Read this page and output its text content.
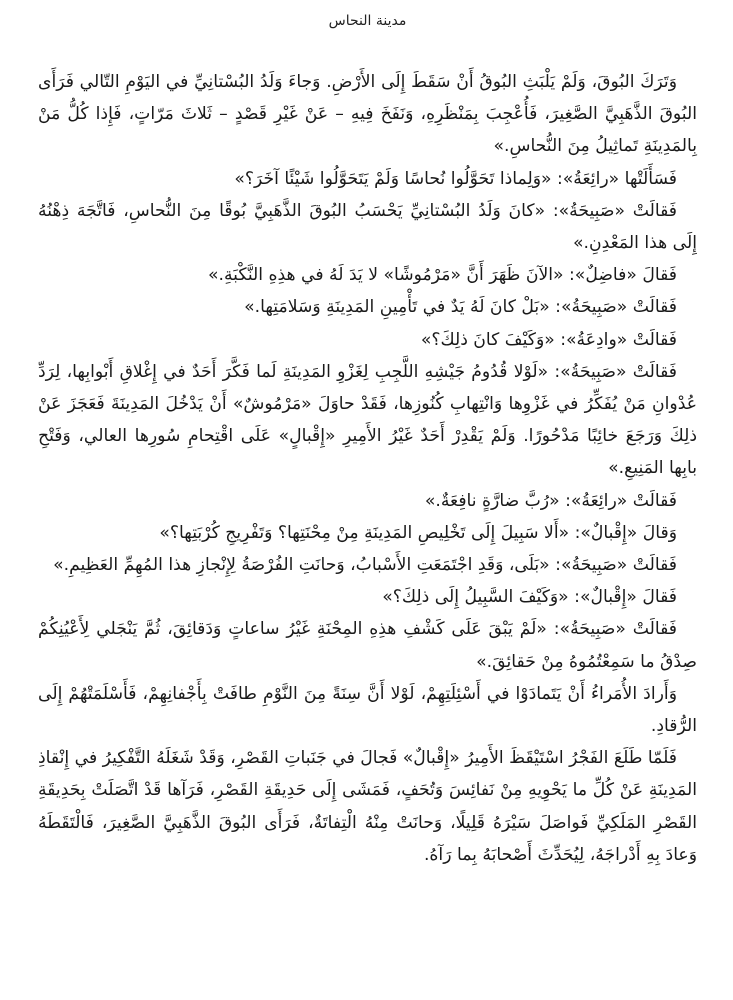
مدينة النحاس

وَتَرَكَ البُوقَ، وَلَمْ يَلْبَثِ البُوقُ أَنْ سَقَطَ إِلَى الأَرْضِ. وَجاءَ وَلَدُ البُسْتانِيِّ في اليَوْمِ التّالي فَرَأَى البُوقَ الذَّهَبِيَّ الصَّغِيرَ، فَأُعْجِبَ بِمَنْظَرِهِ، وَنَفَخَ فِيهِ – عَنْ غَيْرِ قَصْدٍ – ثَلاثَ مَرّاتٍ، فَإِذا كُلُّ مَنْ بِالمَدِينَةِ تَماثِيلُ مِنَ النُّحاسِ.»

فَسَأَلَتْها «رائِعَةُ»: «وَلِماذا تَحَوَّلُوا نُحاسًا وَلَمْ يَتَحَوَّلُوا شَيْئًا آخَرَ؟»

فَقالَتْ «صَبِيحَةُ»: «كانَ وَلَدُ البُسْتانِيِّ يَحْسَبُ البُوقَ الذَّهَبِيَّ بُوقًا مِنَ النُّحاسِ، فَاتَّجَهَ ذِهْنُهُ إِلَى هذا المَعْدِنِ.»

فَقالَ «فاضِلٌ»: «الآنَ ظَهَرَ أَنَّ «مَرْمُوشًا» لا يَدَ لَهُ في هذِهِ النَّكْبَةِ.»

فَقالَتْ «صَبِيحَةُ»: «بَلْ كانَ لَهُ يَدٌ في تَأْمِينِ المَدِينَةِ وَسَلامَتِها.»

فَقالَتْ «وادِعَةُ»: «وَكَيْفَ كانَ ذلِكَ؟»

فَقالَتْ «صَبِيحَةُ»: «لَوْلا قُدُومُ جَيْشِهِ اللَّجِبِ لِغَزْوِ المَدِينَةِ لَما فَكَّرَ أَحَدٌ في إِغْلاقِ أَبْوابِها، لِرَدِّ عُدْوانِ مَنْ يُفَكِّرُ في غَزْوِها وَانْتِهابِ كُنُوزِها، فَقَدْ حاوَلَ «مَرْمُوشٌ» أَنْ يَدْخُلَ المَدِينَةَ فَعَجَزَ عَنْ ذلِكَ وَرَجَعَ خائِبًا مَدْحُورًا. وَلَمْ يَقْدِرْ أَحَدٌ غَيْرُ الأَمِيرِ «إِقْبالٍ» عَلَى اقْتِحامِ سُورِها العالي، وَفَتْحِ بابِها المَنِيعِ.»

فَقالَتْ «رائِعَةُ»: «رُبَّ ضارَّةٍ نافِعَةٌ.»

وَقالَ «إِقْبالٌ»: «أَلا سَبِيلَ إِلَى تَخْلِيصِ المَدِينَةِ مِنْ مِحْنَتِها؟ وَتَفْرِيجِ كُرْبَتِها؟»

فَقالَتْ «صَبِيحَةُ»: «بَلَى، وَقَدِ اجْتَمَعَتِ الأَسْبابُ، وَحانَتِ الفُرْصَةُ لِإِنْجازِ هذا المُهِمِّ العَظِيمِ.»

فَقالَ «إِقْبالٌ»: «وَكَيْفَ السَّبِيلُ إِلَى ذلِكَ؟»

فَقالَتْ «صَبِيحَةُ»: «لَمْ يَبْقَ عَلَى كَشْفِ هذِهِ المِحْنَةِ غَيْرُ ساعاتٍ وَدَقائِقَ، ثُمَّ يَنْجَلي لِأَعْيُنِكُمْ صِدْقُ ما سَمِعْتُمُوهُ مِنْ حَقائِقَ.»

وَأَرادَ الأُمَراءُ أَنْ يَتَمادَوْا في أَسْئِلَتِهِمْ، لَوْلا أَنَّ سِنَةً مِنَ النَّوْمِ طافَتْ بِأَجْفانِهِمْ، فَأَسْلَمَتْهُمْ إِلَى الرُّقادِ.

فَلَمّا طَلَعَ الفَجْرُ اسْتَيْقَظَ الأَمِيرُ «إِقْبالٌ» فَجالَ في جَنَباتِ القَصْرِ، وَقَدْ شَغَلَهُ التَّفْكِيرُ في إِنْقاذِ المَدِينَةِ عَنْ كُلِّ ما يَحْوِيهِ مِنْ نَفائِسَ وَتُحَفٍ، فَمَشَى إِلَى حَدِيقَةِ القَصْرِ، فَرَآها قَدْ اتَّصَلَتْ بِحَدِيقَةِ القَصْرِ المَلَكِيِّ فَواصَلَ سَيْرَهُ قَلِيلًا، وَحانَتْ مِنْهُ الْتِفاتَةٌ، فَرَأَى البُوقَ الذَّهَبِيَّ الصَّغِيرَ، فَالْتَقَطَهُ وَعادَ بِهِ أَدْراجَهُ، لِيُحَدِّثَ أَصْحابَهُ بِما رَآهُ.
